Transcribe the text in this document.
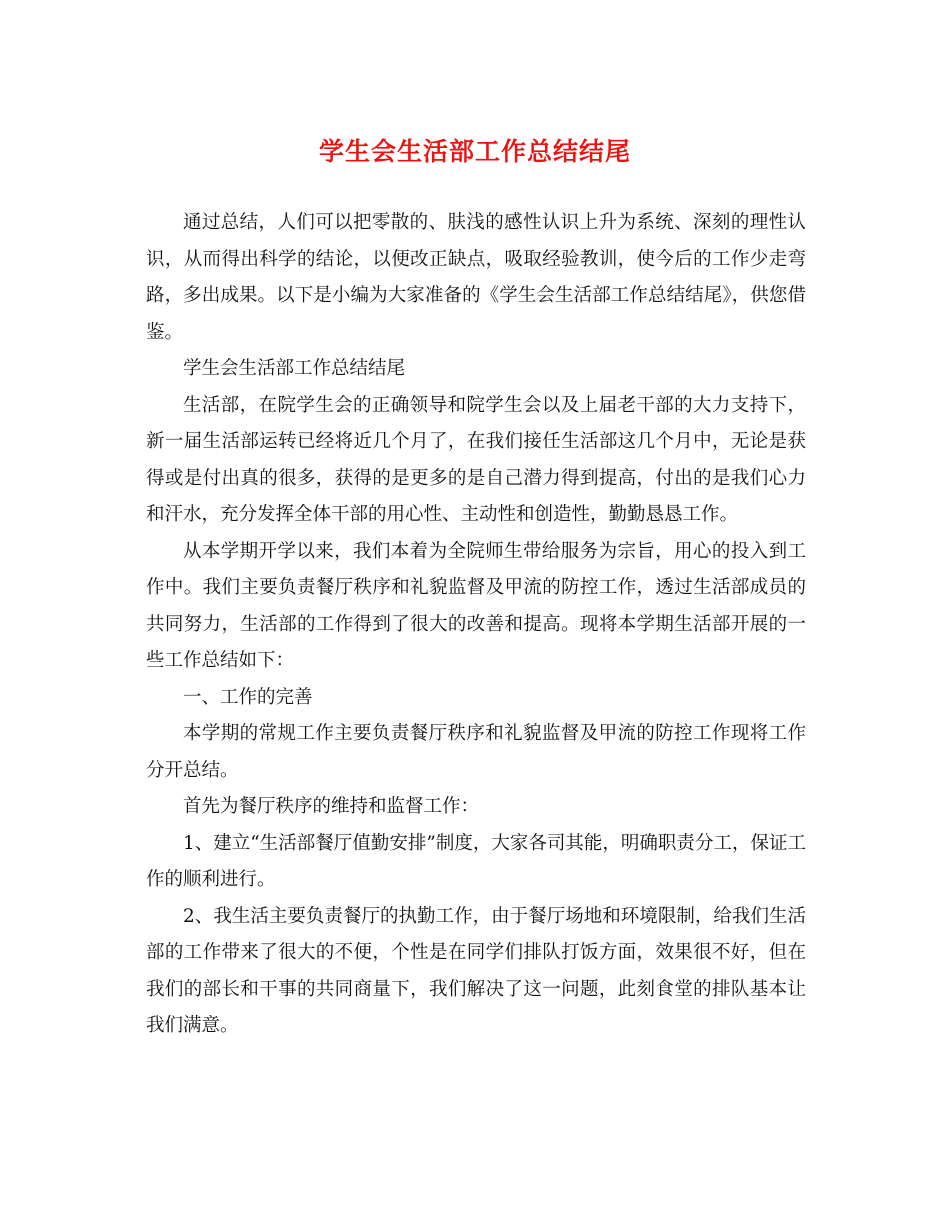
学生会生活部工作总结结尾

通过总结，人们可以把零散的、肤浅的感性认识上升为系统、深刻的理性认识，从而得出科学的结论，以便改正缺点，吸取经验教训，使今后的工作少走弯路，多出成果。以下是小编为大家准备的《学生会生活部工作总结结尾》，供您借鉴。

学生会生活部工作总结结尾

生活部，在院学生会的正确领导和院学生会以及上届老干部的大力支持下，新一届生活部运转已经将近几个月了，在我们接任生活部这几个月中，无论是获得或是付出真的很多，获得的是更多的是自己潜力得到提高，付出的是我们心力和汗水，充分发挥全体干部的用心性、主动性和创造性，勤勤恳恳工作。

从本学期开学以来，我们本着为全院师生带给服务为宗旨，用心的投入到工作中。我们主要负责餐厅秩序和礼貌监督及甲流的防控工作，透过生活部成员的共同努力，生活部的工作得到了很大的改善和提高。现将本学期生活部开展的一些工作总结如下：

一、工作的完善

本学期的常规工作主要负责餐厅秩序和礼貌监督及甲流的防控工作现将工作分开总结。

首先为餐厅秩序的维持和监督工作：

1、建立“生活部餐厅值勤安排”制度，大家各司其能，明确职责分工，保证工作的顺利进行。

2、我生活主要负责餐厅的执勤工作，由于餐厅场地和环境限制，给我们生活部的工作带来了很大的不便，个性是在同学们排队打饭方面，效果很不好，但在我们的部长和干事的共同商量下，我们解决了这一问题，此刻食堂的排队基本让我们满意。
